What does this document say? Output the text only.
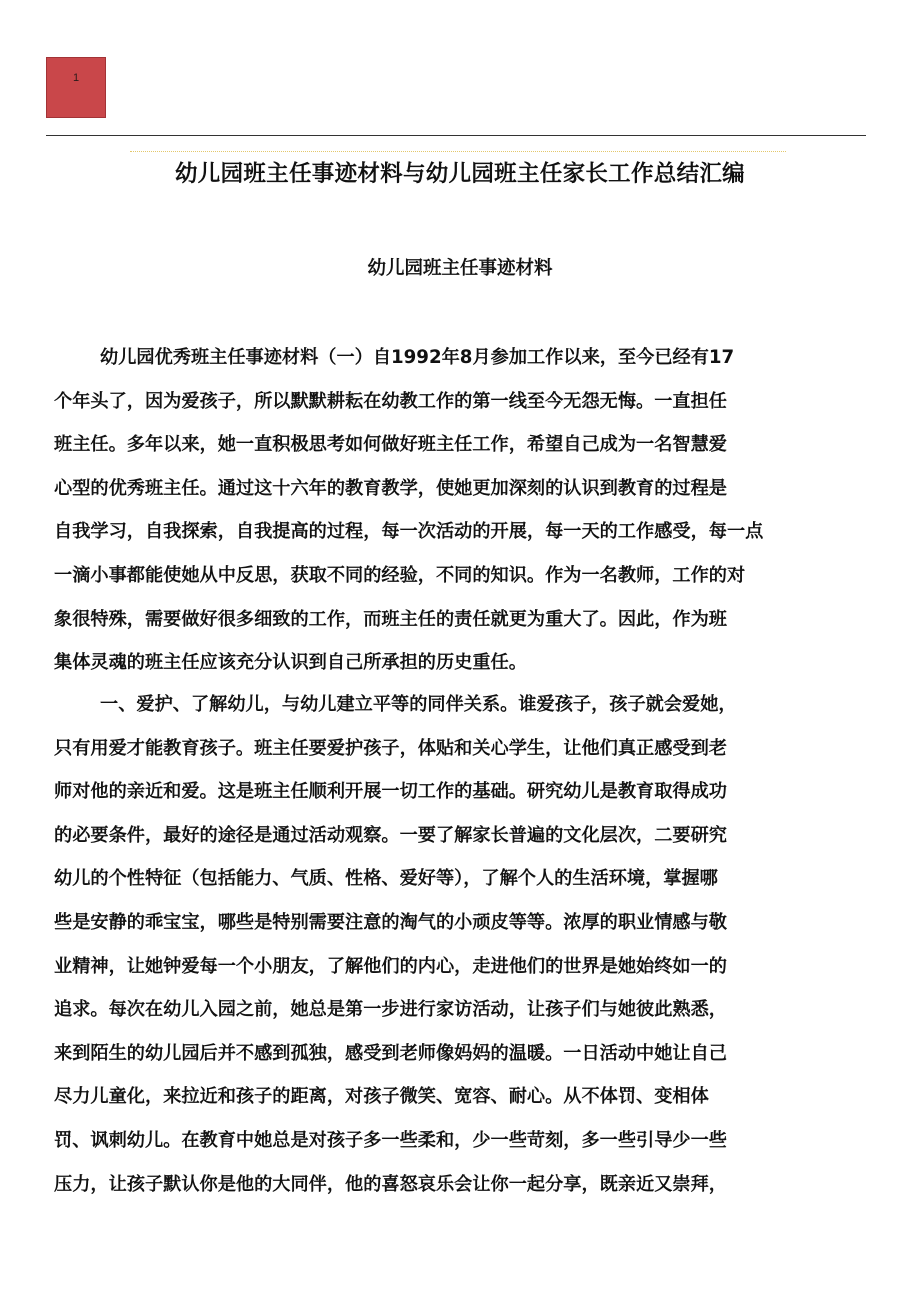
1
幼儿园班主任事迹材料与幼儿园班主任家长工作总结汇编
幼儿园班主任事迹材料
幼儿园优秀班主任事迹材料（一）自1992年8月参加工作以来，至今已经有17
个年头了，因为爱孩子，所以默默耕耘在幼教工作的第一线至今无怨无悔。一直担任
班主任。多年以来，她一直积极思考如何做好班主任工作，希望自己成为一名智慧爱
心型的优秀班主任。通过这十六年的教育教学，使她更加深刻的认识到教育的过程是
自我学习，自我探索，自我提高的过程，每一次活动的开展，每一天的工作感受，每一点
一滴小事都能使她从中反思，获取不同的经验，不同的知识。作为一名教师，工作的对
象很特殊，需要做好很多细致的工作，而班主任的责任就更为重大了。因此，作为班
集体灵魂的班主任应该充分认识到自己所承担的历史重任。
一、爱护、了解幼儿，与幼儿建立平等的同伴关系。谁爱孩子，孩子就会爱她，
只有用爱才能教育孩子。班主任要爱护孩子，体贴和关心学生，让他们真正感受到老
师对他的亲近和爱。这是班主任顺利开展一切工作的基础。研究幼儿是教育取得成功
的必要条件，最好的途径是通过活动观察。一要了解家长普遍的文化层次，二要研究
幼儿的个性特征（包括能力、气质、性格、爱好等），了解个人的生活环境，掌握哪
些是安静的乖宝宝，哪些是特别需要注意的淘气的小顽皮等等。浓厚的职业情感与敬
业精神，让她钟爱每一个小朋友，了解他们的内心，走进他们的世界是她始终如一的
追求。每次在幼儿入园之前，她总是第一步进行家访活动，让孩子们与她彼此熟悉，
来到陌生的幼儿园后并不感到孤独，感受到老师像妈妈的温暖。一日活动中她让自己
尽力儿童化，来拉近和孩子的距离，对孩子微笑、宽容、耐心。从不体罚、变相体
罚、讽刺幼儿。在教育中她总是对孩子多一些柔和，少一些苛刻，多一些引导少一些
压力，让孩子默认你是他的大同伴，他的喜怒哀乐会让你一起分享，既亲近又崇拜，
